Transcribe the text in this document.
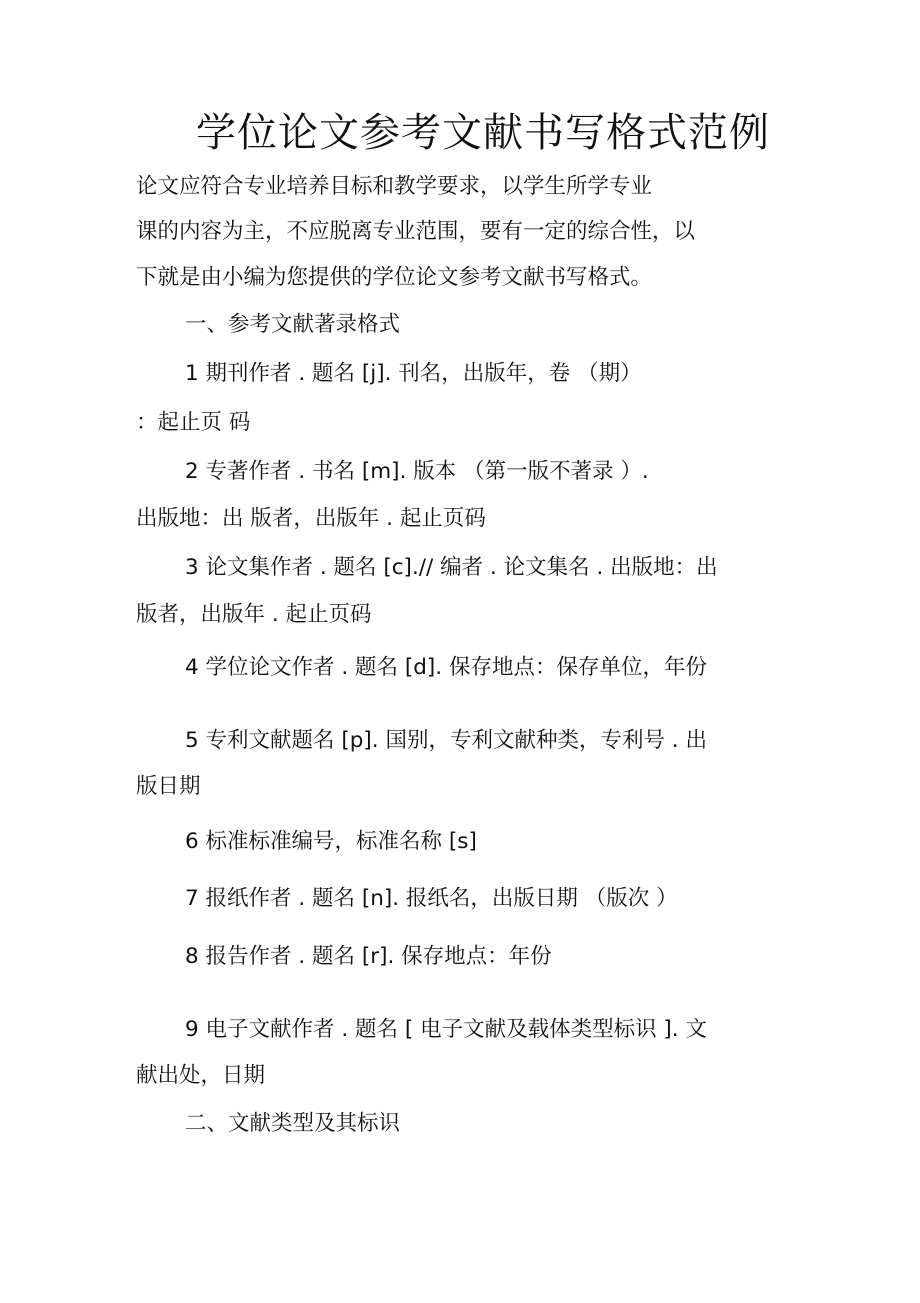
学位论文参考文献书写格式范例
论文应符合专业培养目标和教学要求，以学生所学专业
课的内容为主，不应脱离专业范围，要有一定的综合性，以
下就是由小编为您提供的学位论文参考文献书写格式。
一、参考文献著录格式
1 期刊作者 . 题名 [j]. 刊名，出版年，卷 （期）
：起止页 码
2 专著作者 . 书名 [m]. 版本 （第一版不著录 ）.
出版地：出 版者，出版年 . 起止页码
3 论文集作者 . 题名 [c].// 编者 . 论文集名 . 出版地：出
版者，出版年 . 起止页码
4 学位论文作者 . 题名 [d]. 保存地点：保存单位，年份
5 专利文献题名 [p]. 国别，专利文献种类，专利号 . 出
版日期
6 标准标准编号，标准名称 [s]
7 报纸作者 . 题名 [n]. 报纸名，出版日期 （版次 ）
8 报告作者 . 题名 [r]. 保存地点：年份
9 电子文献作者 . 题名 [ 电子文献及载体类型标识 ]. 文
献出处，日期
二、文献类型及其标识
